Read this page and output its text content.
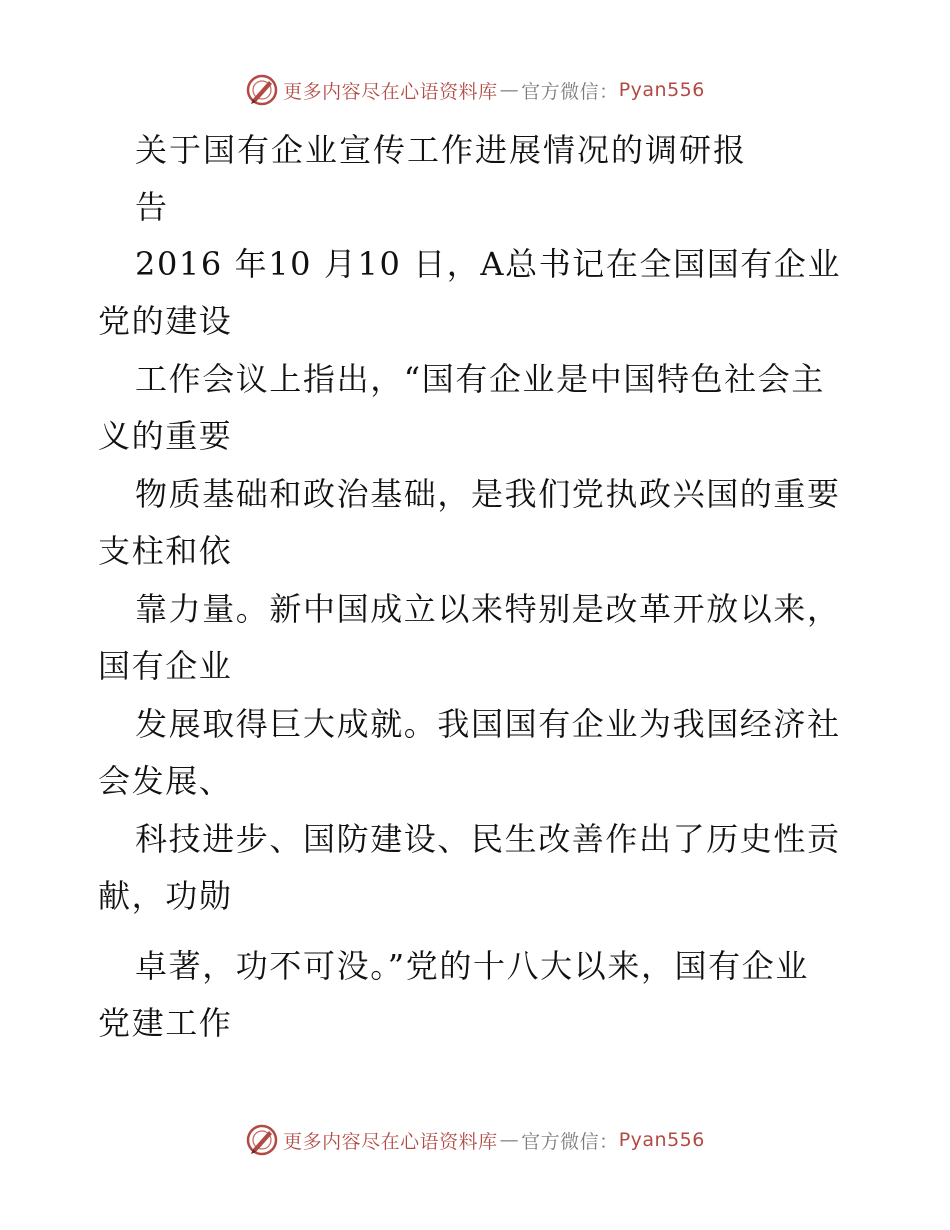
更多内容尽在心语资料库 — 官方微信： Pyan556
关于国有企业宣传工作进展情况的调研报
告
2016 年10 月10 日，A总书记在全国国有企业
党的建设
工作会议上指出，“国有企业是中国特色社会主
义的重要
物质基础和政治基础，是我们党执政兴国的重要
支柱和依
靠力量。新中国成立以来特别是改革开放以来，
国有企业
发展取得巨大成就。我国国有企业为我国经济社
会发展、
科技进步、国防建设、民生改善作出了历史性贡
献，功勋
卓著，功不可没。”党的十八大以来，国有企业
党建工作
更多内容尽在心语资料库 — 官方微信： Pyan556
